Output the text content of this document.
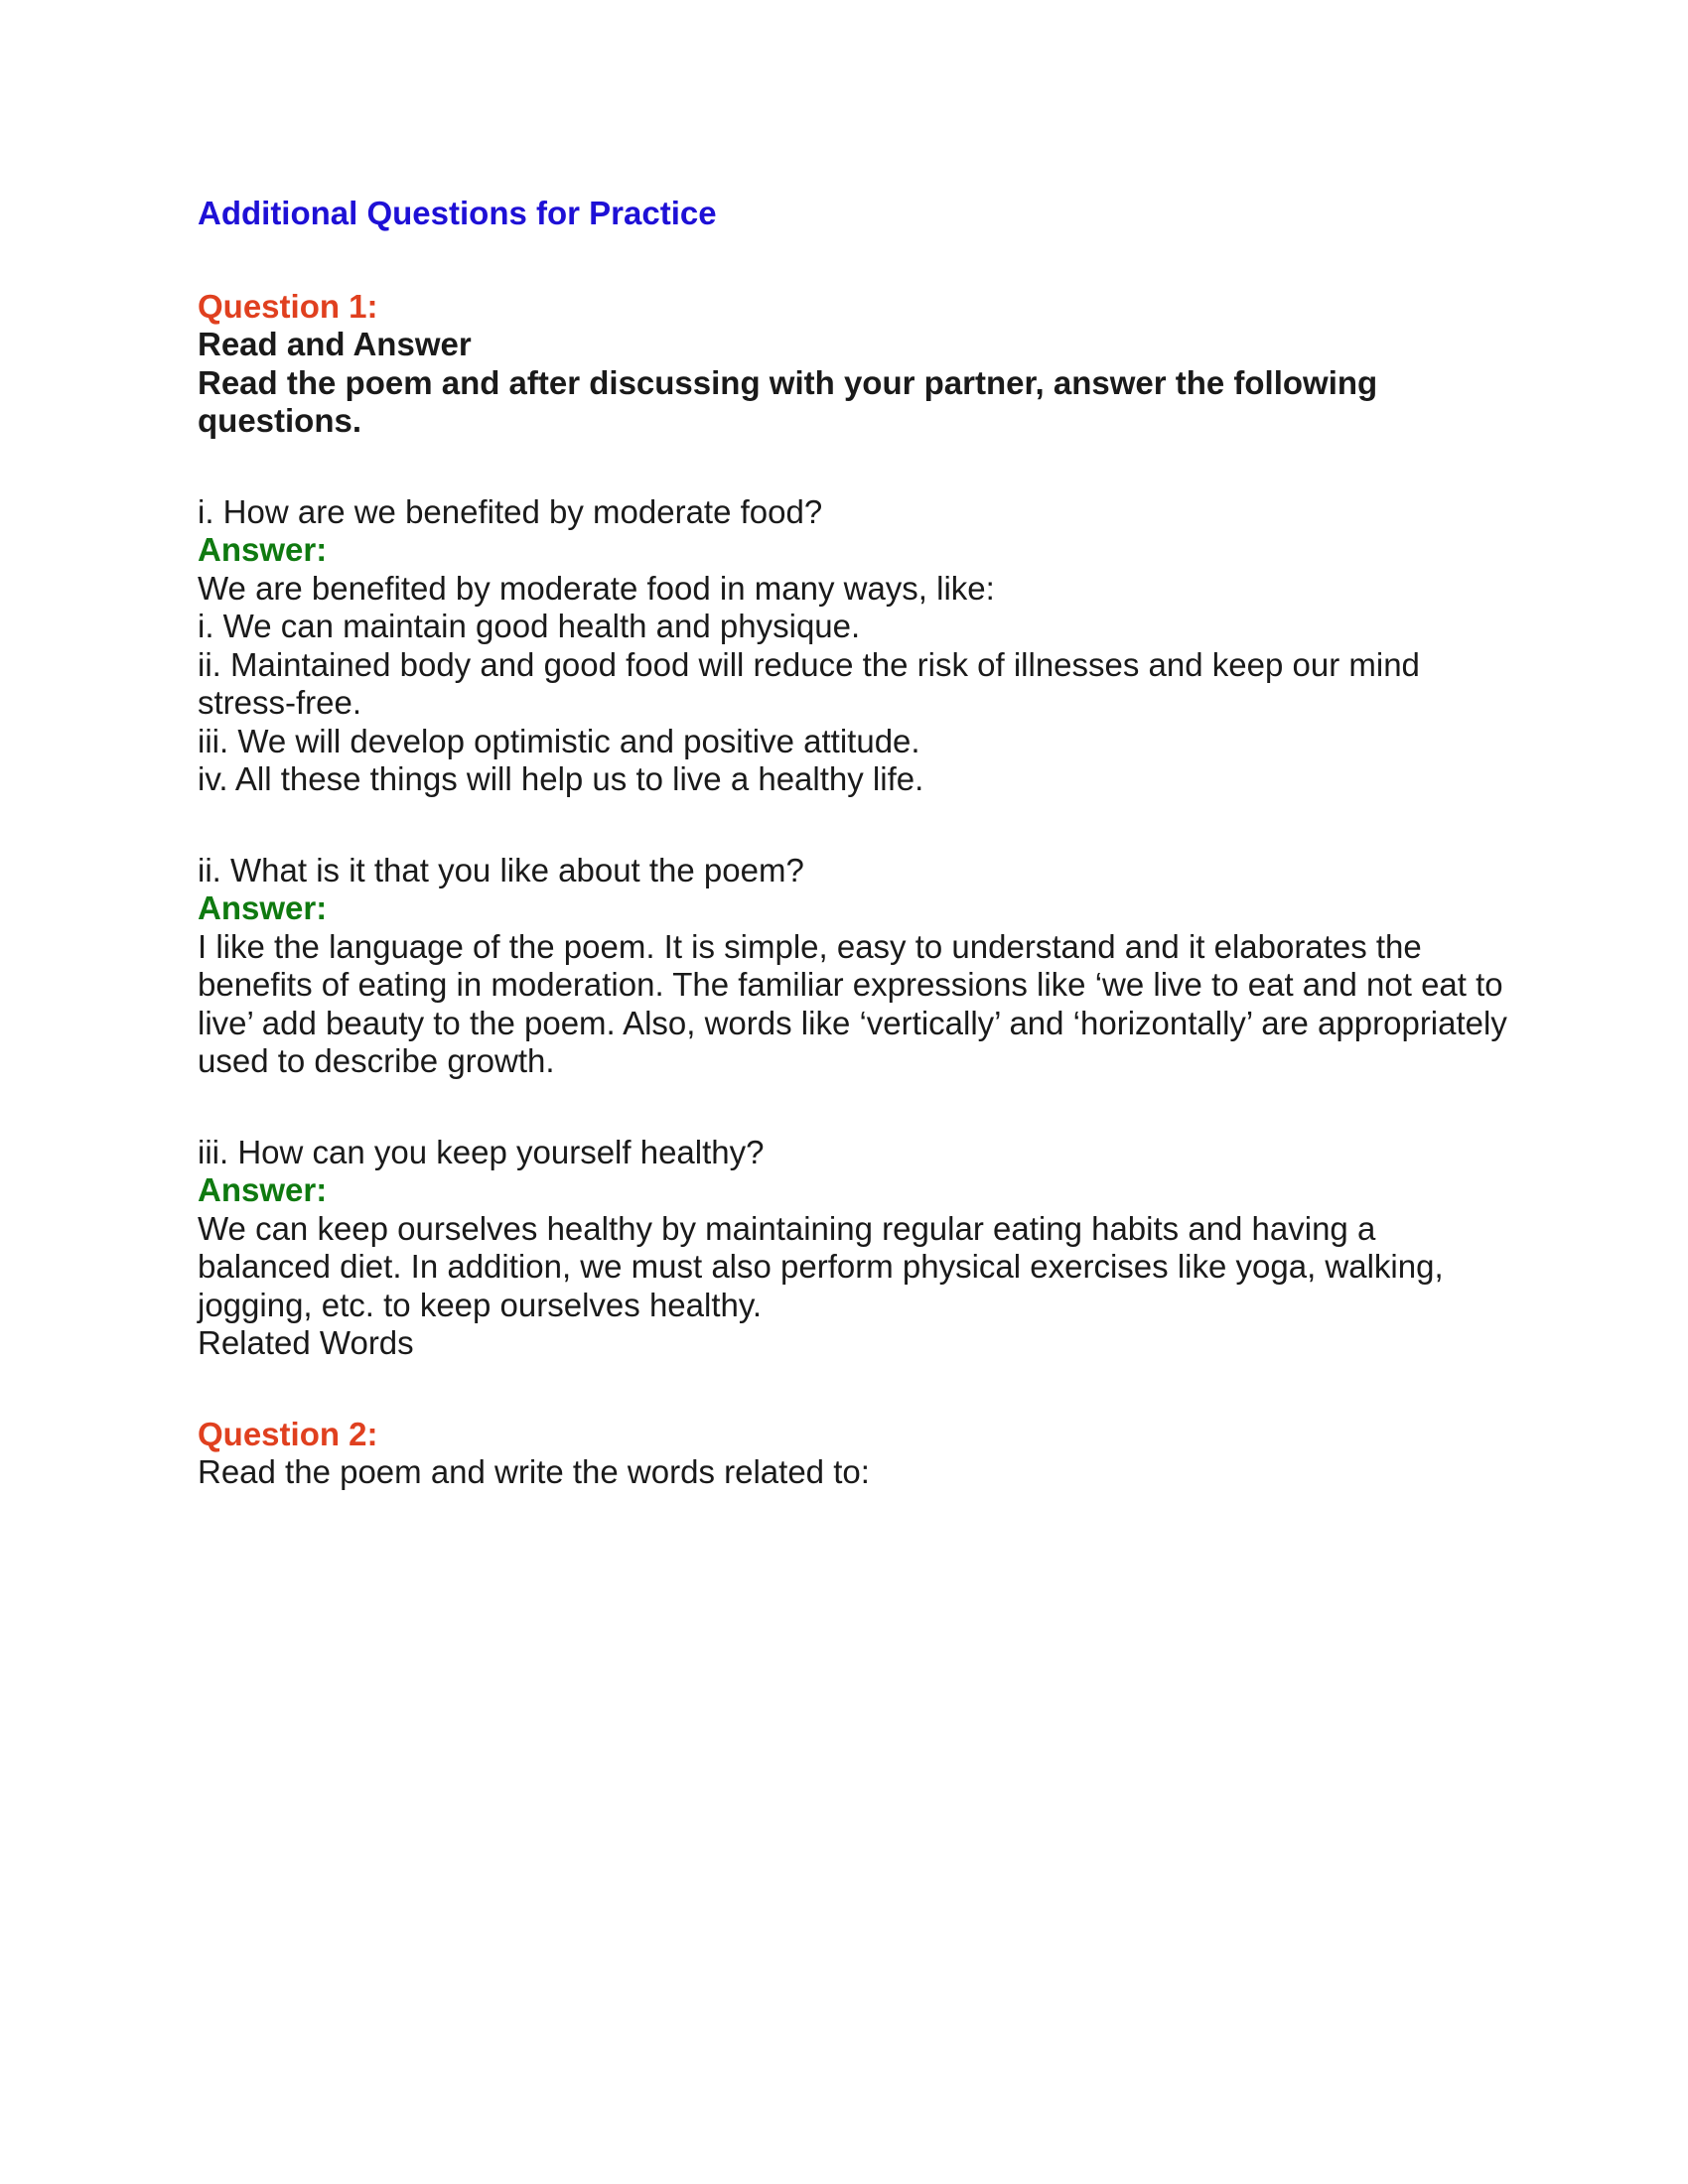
Additional Questions for Practice

Question 1:

Read and Answer

Read the poem and after discussing with your partner, answer the following questions.

i. How are we benefited by moderate food?

Answer:

We are benefited by moderate food in many ways, like:

i. We can maintain good health and physique.

ii. Maintained body and good food will reduce the risk of illnesses and keep our mind stress-free.

iii. We will develop optimistic and positive attitude.

iv. All these things will help us to live a healthy life.

ii. What is it that you like about the poem?

Answer:

I like the language of the poem. It is simple, easy to understand and it elaborates the benefits of eating in moderation. The familiar expressions like ‘we live to eat and not eat to live’ add beauty to the poem. Also, words like ‘vertically’ and ‘horizontally’ are appropriately used to describe growth.

iii. How can you keep yourself healthy?

Answer:

We can keep ourselves healthy by maintaining regular eating habits and having a balanced diet. In addition, we must also perform physical exercises like yoga, walking, jogging, etc. to keep ourselves healthy.

Related Words

Question 2:

Read the poem and write the words related to:
